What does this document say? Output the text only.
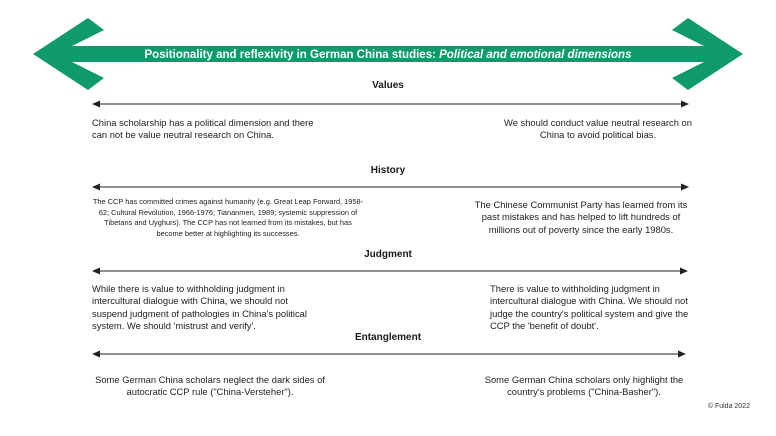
Positionality and reflexivity in German China studies: Political and emotional dimensions
Values
China scholarship has a political dimension and there can not be value neutral research on China.
We should conduct value neutral research on China to avoid political bias.
History
The CCP has committed crimes against humanity (e.g. Great Leap Forward, 1958-62; Cultural Revolution, 1966-1976; Tiananmen, 1989; systemic suppression of Tibetans and Uyghurs). The CCP has not learned from its mistakes, but has become better at highlighting its successes.
The Chinese Communist Party has learned from its past mistakes and has helped to lift hundreds of millions out of poverty since the early 1980s.
Judgment
While there is value to withholding judgment in intercultural dialogue with China, we should not suspend judgment of pathologies in China's political system. We should 'mistrust and verify'.
There is value to withholding judgment in intercultural dialogue with China. We should not judge the country's political system and give the CCP the 'benefit of doubt'.
Entanglement
Some German China scholars neglect the dark sides of autocratic CCP rule ("China-Versteher").
Some German China scholars only highlight the country's problems ("China-Basher").
© Fulda 2022
